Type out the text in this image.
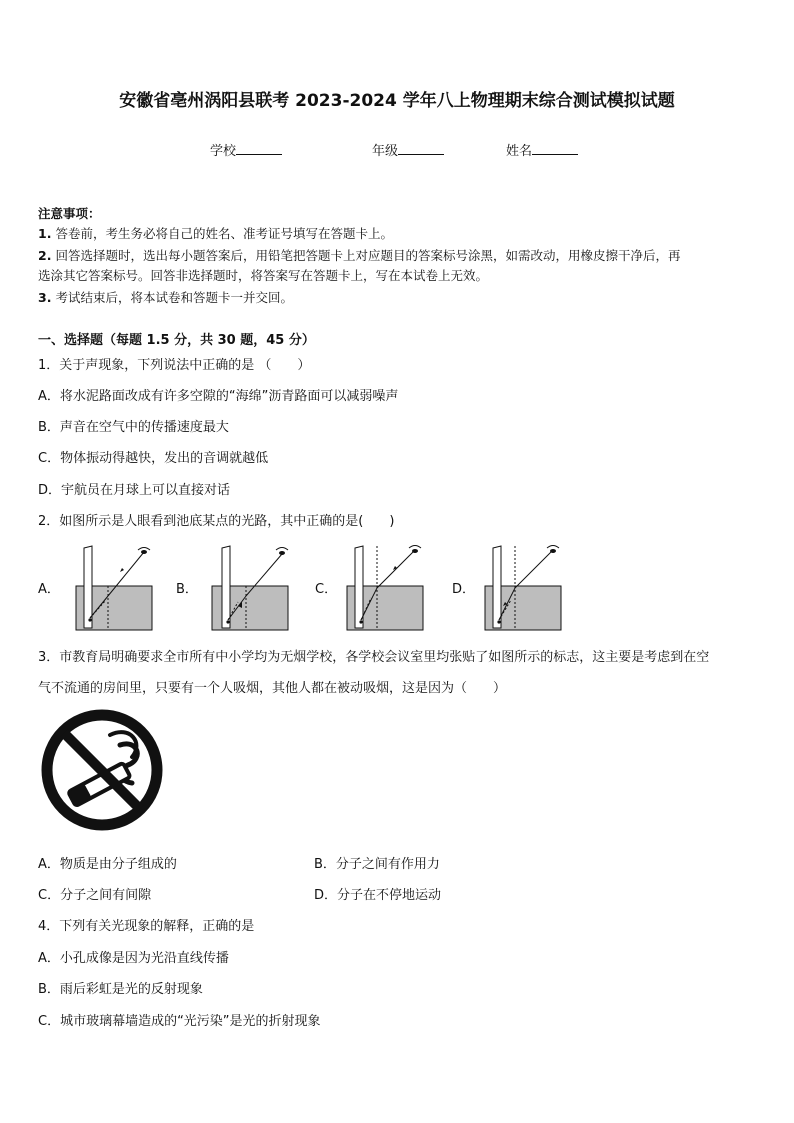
安徽省亳州涡阳县联考 2023-2024 学年八上物理期末综合测试模拟试题
学校	年级	姓名
注意事项：
1. 答卷前，考生务必将自己的姓名、准考证号填写在答题卡上。
2. 回答选择题时，选出每小题答案后，用铅笔把答题卡上对应题目的答案标号涂黑，如需改动，用橡皮擦干净后，再
选涂其它答案标号。回答非选择题时，将答案写在答题卡上，写在本试卷上无效。
3. 考试结束后，将本试卷和答题卡一并交回。
一、选择题（每题 1.5 分，共 30 题，45 分）
1．关于声现象，下列说法中正确的是 （　　）
A．将水泥路面改成有许多空隙的“海绵”沥青路面可以减弱噪声
B．声音在空气中的传播速度最大
C．物体振动得越快，发出的音调就越低
D．宇航员在月球上可以直接对话
2．如图所示是人眼看到池底某点的光路，其中正确的是(　　)
A．	B．	C．	D．
3．市教育局明确要求全市所有中小学均为无烟学校，各学校会议室里均张贴了如图所示的标志，这主要是考虑到在空
气不流通的房间里，只要有一个人吸烟，其他人都在被动吸烟，这是因为（　　）
A．物质是由分子组成的	B．分子之间有作用力
C．分子之间有间隙	D．分子在不停地运动
4．下列有关光现象的解释，正确的是
A．小孔成像是因为光沿直线传播
B．雨后彩虹是光的反射现象
C．城市玻璃幕墙造成的“光污染”是光的折射现象
